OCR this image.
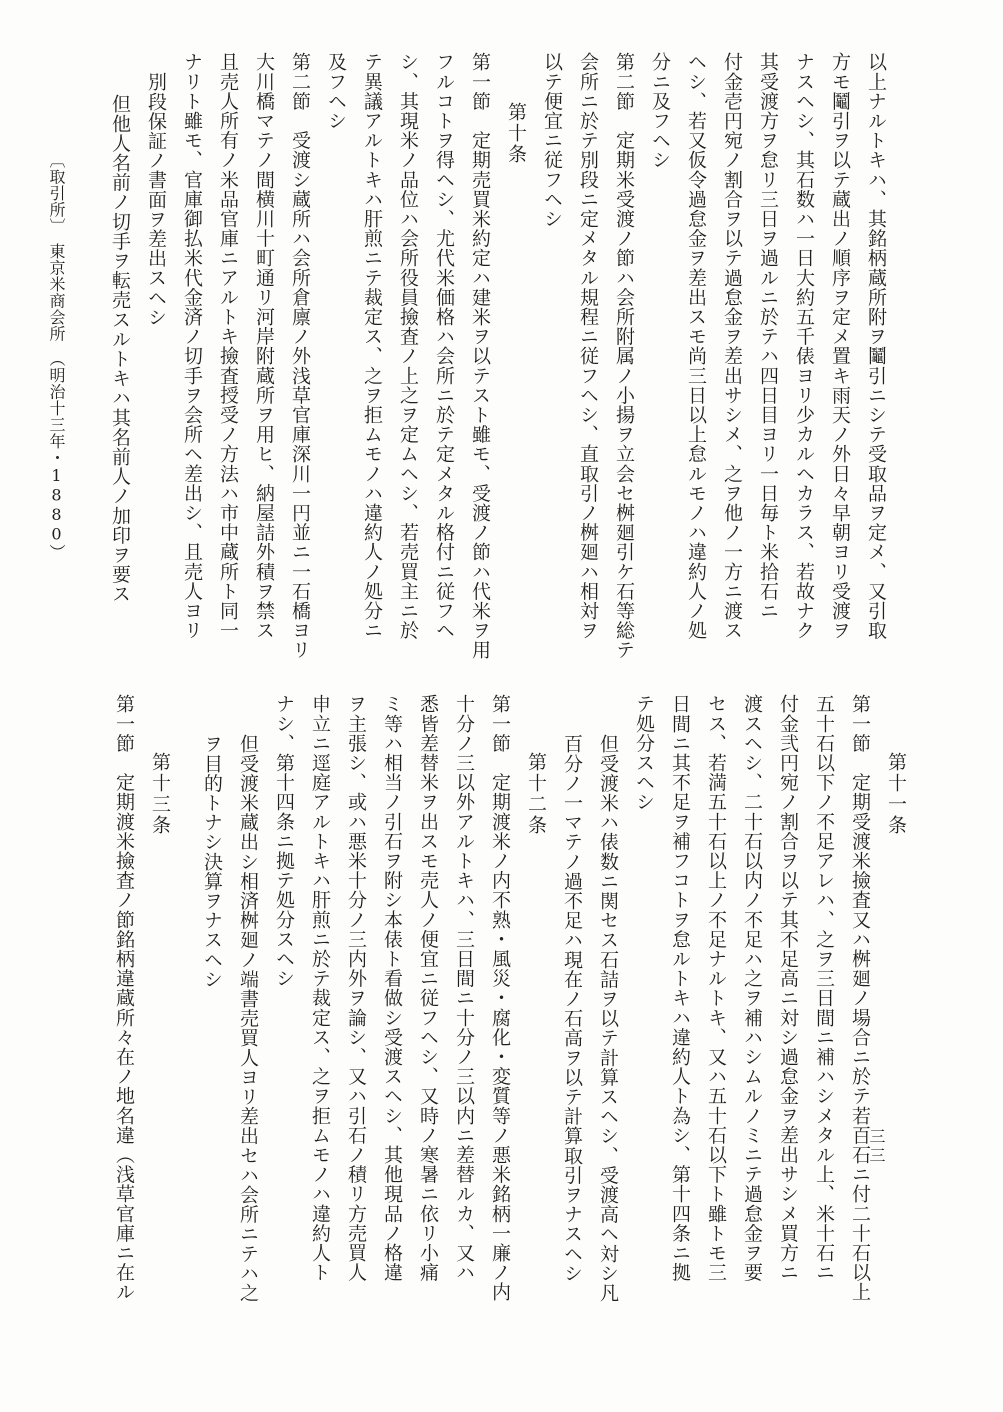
以上ナルトキハ、其銘柄蔵所附ヲ鬮引ニシテ受取品ヲ定メ、又引取
方モ鬮引ヲ以テ蔵出ノ順序ヲ定メ置キ雨天ノ外日々早朝ヨリ受渡ヲ
ナスヘシ、其石数ハ一日大約五千俵ヨリ少カルヘカラス、若故ナク
其受渡方ヲ怠リ三日ヲ過ルニ於テハ四日目ヨリ一日毎ト米拾石ニ
付金壱円宛ノ割合ヲ以テ過怠金ヲ差出サシメ、之ヲ他ノ一方ニ渡ス
ヘシ、若又仮令過怠金ヲ差出スモ尚三日以上怠ルモノハ違約人ノ処
分ニ及フヘシ
第二節　定期米受渡ノ節ハ会所附属ノ小揚ヲ立会セ桝廻引ケ石等総テ
会所ニ於テ別段ニ定メタル規程ニ従フヘシ、直取引ノ桝廻ハ相対ヲ
以テ便宜ニ従フヘシ
第十条
第一節　定期売買米約定ハ建米ヲ以テスト雖モ、受渡ノ節ハ代米ヲ用
フルコトヲ得ヘシ、尤代米価格ハ会所ニ於テ定メタル格付ニ従フヘ
シ、其現米ノ品位ハ会所役員撿査ノ上之ヲ定ムヘシ、若売買主ニ於
テ異議アルトキハ肝煎ニテ裁定ス、之ヲ拒ムモノハ違約人ノ処分ニ
及フヘシ
第二節　受渡シ蔵所ハ会所倉廪ノ外浅草官庫深川一円並ニ一石橋ヨリ
大川橋マテノ間横川十町通リ河岸附蔵所ヲ用ヒ、納屋詰外積ヲ禁ス
且売人所有ノ米品官庫ニアルトキ撿査授受ノ方法ハ市中蔵所ト同一
ナリト雖モ、官庫御払米代金済ノ切手ヲ会所ヘ差出シ、且売人ヨリ
別段保証ノ書面ヲ差出スヘシ
但他人名前ノ切手ヲ転売スルトキハ其名前人ノ加印ヲ要ス
第十一条
第一節　定期受渡米撿査又ハ桝廻ノ場合ニ於テ若百石ニ付二十石以上
五十石以下ノ不足アレハ、之ヲ三日間ニ補ハシメタル上、米十石ニ
付金弐円宛ノ割合ヲ以テ其不足高ニ対シ過怠金ヲ差出サシメ買方ニ
渡スヘシ、二十石以内ノ不足ハ之ヲ補ハシムルノミニテ過怠金ヲ要
セス、若満五十石以上ノ不足ナルトキ、又ハ五十石以下ト雖トモ三
日間ニ其不足ヲ補フコトヲ怠ルトキハ違約人ト為シ、第十四条ニ拠
テ処分スヘシ
但受渡米ハ俵数ニ関セス石詰ヲ以テ計算スヘシ、受渡高ヘ対シ凡
百分ノ一マテノ過不足ハ現在ノ石高ヲ以テ計算取引ヲナスヘシ
第十二条
第一節　定期渡米ノ内不熟・風災・腐化・変質等ノ悪米銘柄一廉ノ内
十分ノ三以外アルトキハ、三日間ニ十分ノ三以内ニ差替ルカ、又ハ
悉皆差替米ヲ出スモ売人ノ便宜ニ従フヘシ、又時ノ寒暑ニ依リ小痛
ミ等ハ相当ノ引石ヲ附シ本俵ト看做シ受渡スヘシ、其他現品ノ格違
ヲ主張シ、或ハ悪米十分ノ三内外ヲ論シ、又ハ引石ノ積リ方売買人
申立ニ逕庭アルトキハ肝煎ニ於テ裁定ス、之ヲ拒ムモノハ違約人ト
ナシ、第十四条ニ拠テ処分スヘシ
但受渡米蔵出シ相済桝廻ノ端書売買人ヨリ差出セハ会所ニテハ之
ヲ目的トナシ決算ヲナスヘシ
第十三条
第一節　定期渡米撿査ノ節銘柄違蔵所々在ノ地名違（浅草官庫ニ在ル
〔取引所〕　東京米商会所　（明治十三年・1880）
三三
